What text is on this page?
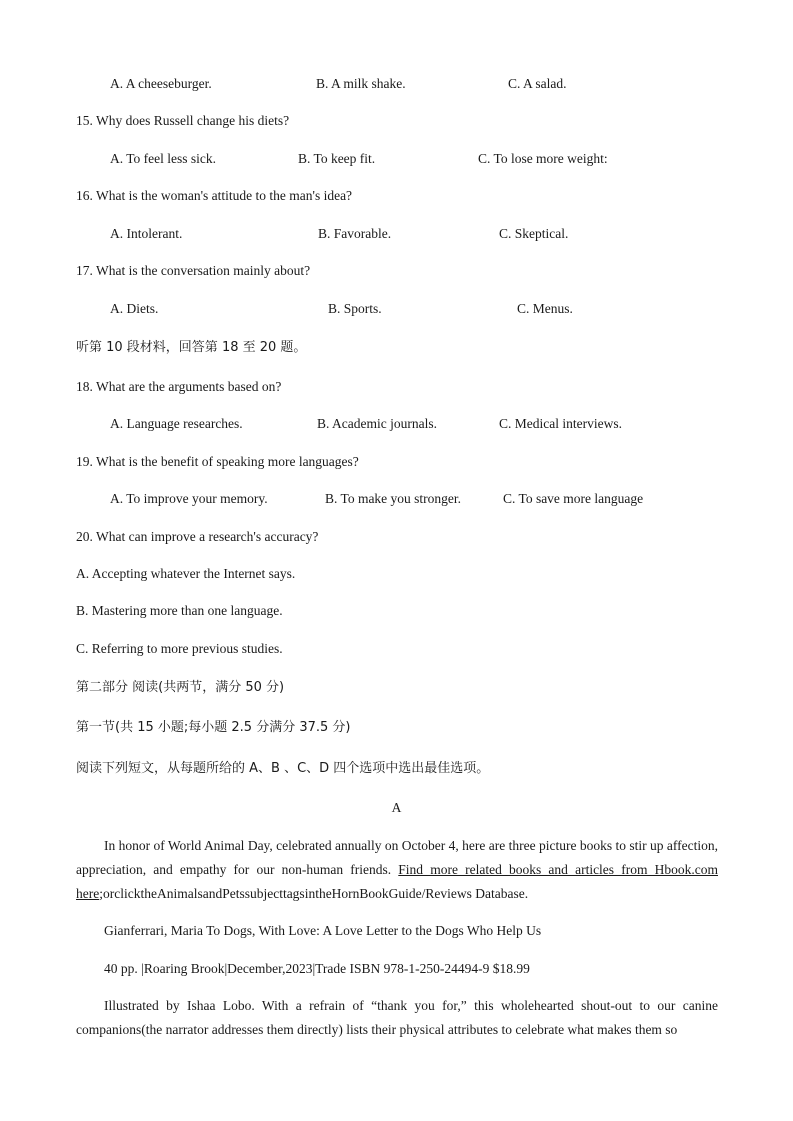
A. A cheeseburger.	B. A milk shake.	C. A salad.
15. Why does Russell change his diets?
A. To feel less sick.	B. To keep fit.	C. To lose more weight:
16. What is the woman's attitude to the man's idea?
A. Intolerant.	B. Favorable.	C. Skeptical.
17. What is the conversation mainly about?
A. Diets.	B. Sports.	C. Menus.
听第 10 段材料，回答第 18 至 20 题。
18. What are the arguments based on?
A. Language researches.	B. Academic journals.	C. Medical interviews.
19. What is the benefit of speaking more languages?
A. To improve your memory.	B. To make you stronger.	C. To save more language
20. What can improve a research's accuracy?
A. Accepting whatever the Internet says.
B. Mastering more than one language.
C. Referring to more previous studies.
第二部分 阅读(共两节，满分 50 分)
第一节(共 15 小题;每小题 2.5 分满分 37.5 分)
阅读下列短文，从每题所给的 A、B 、C、D 四个选项中选出最佳选项。
A
In honor of World Animal Day, celebrated annually on October 4, here are three picture books to stir up affection, appreciation, and empathy for our non-human friends. Find more related books and articles from Hbook.com here;orclicktheAnimalsandPetssubjecttagsintheHornBookGuide/Reviews Database.
Gianferrari, Maria To Dogs, With Love: A Love Letter to the Dogs Who Help Us
40 pp. |Roaring Brook|December,2023|Trade ISBN 978-1-250-24494-9 $18.99
Illustrated by Ishaa Lobo. With a refrain of “thank you for,” this wholehearted shout-out to our canine companions(the narrator addresses them directly) lists their physical attributes to celebrate what makes them so
